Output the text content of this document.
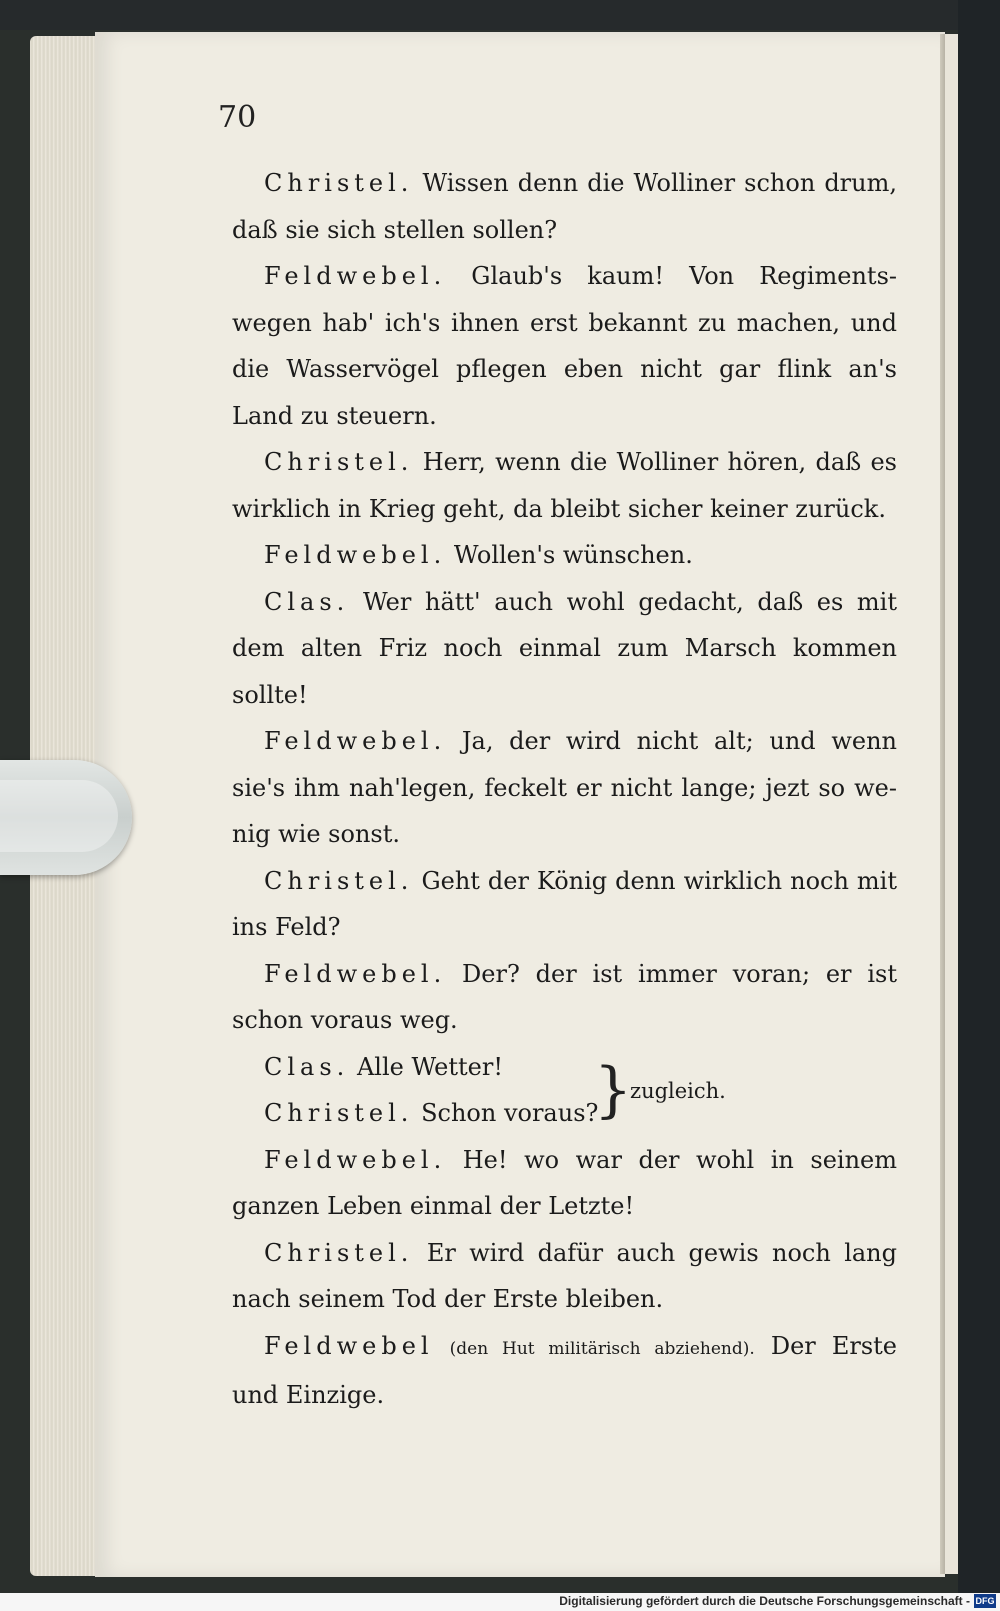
70

Christel. Wissen denn die Wolliner schon drum, daß sie sich stellen sollen?

Feldwebel. Glaub's kaum! Von Regiments-wegen hab' ich's ihnen erst bekannt zu machen, und die Wasservögel pflegen eben nicht gar flink an's Land zu steuern.

Christel. Herr, wenn die Wolliner hören, daß es wirklich in Krieg geht, da bleibt sicher keiner zurück.

Feldwebel. Wollen's wünschen.

Clas. Wer hätt' auch wohl gedacht, daß es mit dem alten Friz noch einmal zum Marsch kommen sollte!

Feldwebel. Ja, der wird nicht alt; und wenn sie's ihm nah'legen, feckelt er nicht lange; jezt so we-nig wie sonst.

Christel. Geht der König denn wirklich noch mit ins Feld?

Feldwebel. Der? der ist immer voran; er ist schon voraus weg.

Clas. Alle Wetter!
Christel. Schon voraus?
}
zugleich.

Feldwebel. He! wo war der wohl in seinem ganzen Leben einmal der Letzte!

Christel. Er wird dafür auch gewis noch lang nach seinem Tod der Erste bleiben.

Feldwebel (den Hut militärisch abziehend). Der Erste und Einzige.

Digitalisierung gefördert durch die Deutsche Forschungsgemeinschaft - DFG
